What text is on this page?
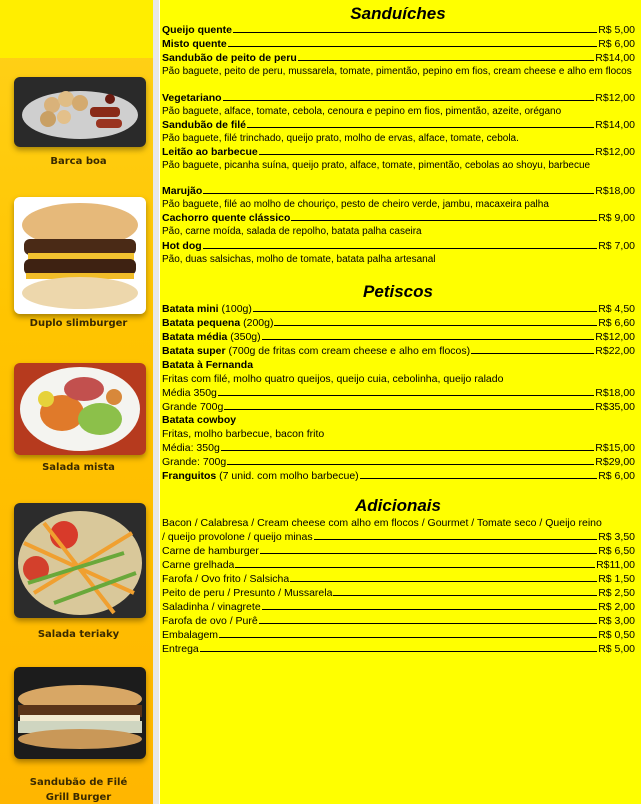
Barca boa
Duplo slimburger
Salada mista
Salada teriaky
Sandubão de Filé
Grill Burger
Sanduíches
Queijo quente	R$ 5,00
Misto quente	R$ 6,00
Sandubão de peito de peru	R$14,00
Pão baguete, peito de peru, mussarela, tomate, pimentão, pepino em fios, cream cheese e alho em flocos
Vegetariano	R$12,00
Pão baguete, alface, tomate, cebola, cenoura e pepino em fios, pimentão, azeite, orégano
Sandubão de filé	R$14,00
Pão baguete, filé trinchado, queijo prato, molho de ervas, alface, tomate, cebola.
Leitão ao barbecue	R$12,00
Pão baguete, picanha suína, queijo prato, alface, tomate, pimentão, cebolas ao shoyu, barbecue
Marujão	R$18,00
Pão baguete, filé ao molho de chouriço, pesto de cheiro verde, jambu, macaxeira palha
Cachorro quente clássico	R$ 9,00
Pão, carne moída, salada de repolho, batata palha caseira
Hot dog	R$ 7,00
Pão, duas salsichas, molho de tomate, batata palha artesanal
Petiscos
Batata mini (100g)	R$ 4,50
Batata pequena (200g)	R$ 6,60
Batata média (350g)	R$12,00
Batata super (700g de fritas com cream cheese e alho em flocos)	R$22,00
Batata à Fernanda
Fritas com filé, molho quatro queijos, queijo cuia, cebolinha, queijo ralado
Média 350g	R$18,00
Grande 700g	R$35,00
Batata cowboy
Fritas, molho barbecue, bacon frito
Média: 350g	R$15,00
Grande: 700g	R$29,00
Franguitos (7 unid. com molho barbecue)	R$ 6,00
Adicionais
Bacon / Calabresa / Cream cheese com alho em flocos / Gourmet / Tomate seco / Queijo reino
/ queijo provolone / queijo minas	R$ 3,50
Carne de hamburger	R$ 6,50
Carne grelhada	R$11,00
Farofa / Ovo frito / Salsicha	R$ 1,50
Peito de peru / Presunto / Mussarela	R$ 2,50
Saladinha / vinagrete	R$ 2,00
Farofa de ovo / Purê	R$ 3,00
Embalagem	R$ 0,50
Entrega	R$ 5,00
